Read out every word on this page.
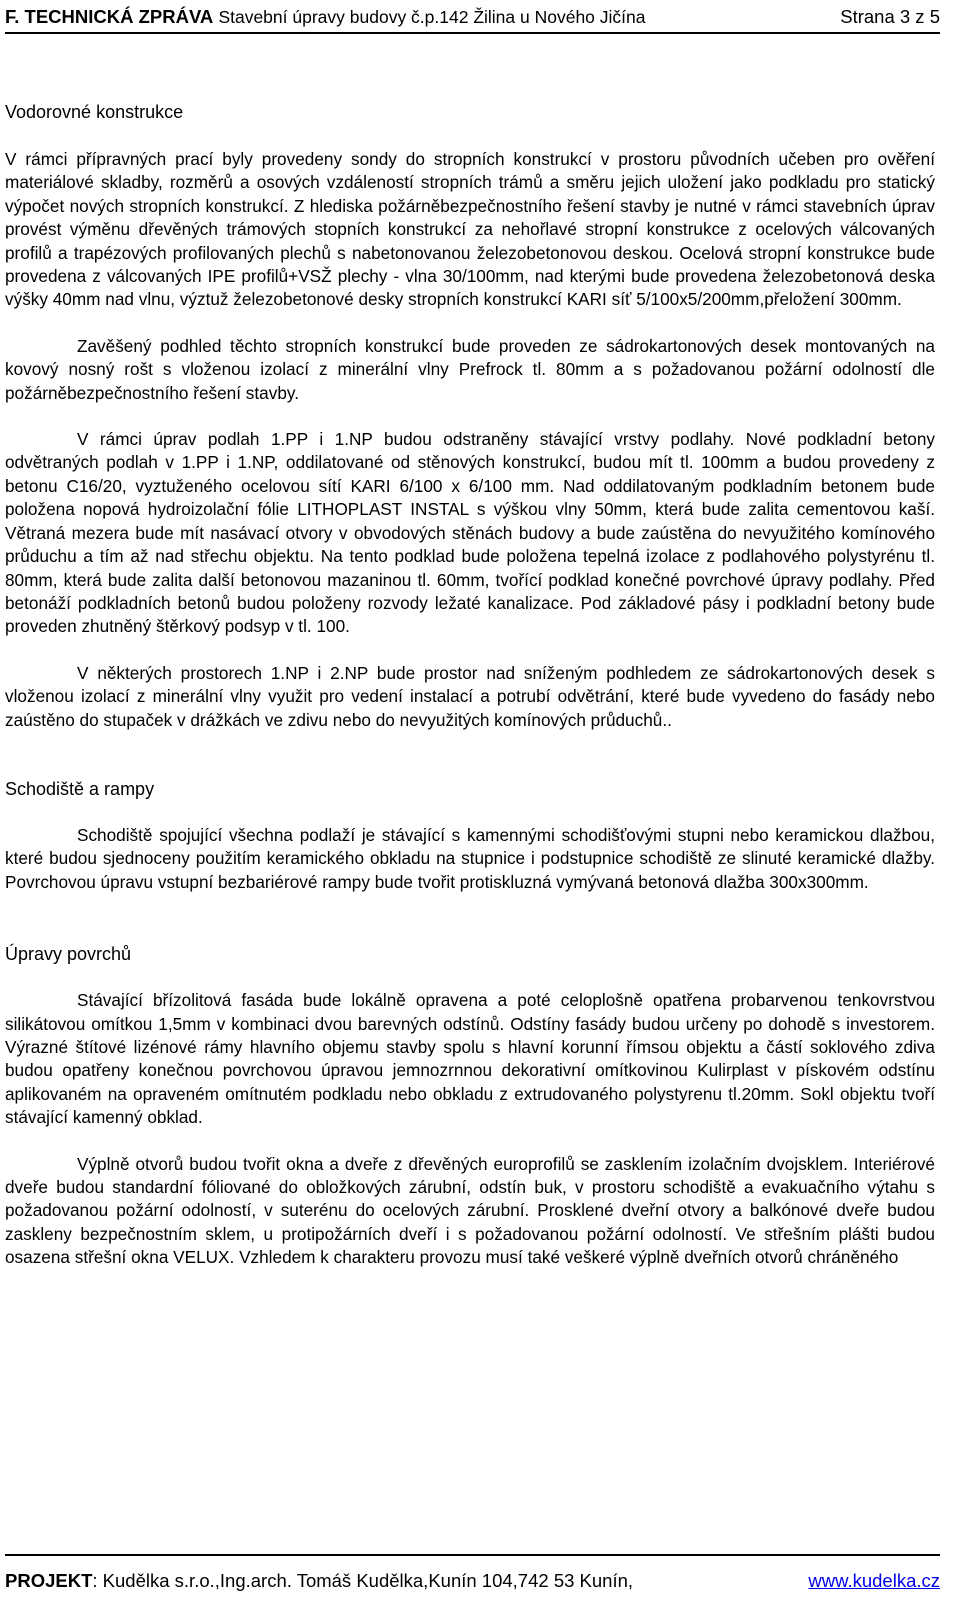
F. TECHNICKÁ ZPRÁVA Stavební úpravy budovy č.p.142 Žilina u Nového Jičína	Strana 3 z 5
Vodorovné konstrukce

V rámci přípravných prací byly provedeny sondy do stropních konstrukcí v prostoru původních učeben pro ověření materiálové skladby, rozměrů a osových vzdáleností stropních trámů a směru jejich uložení jako podkladu pro statický výpočet nových stropních konstrukcí. Z hlediska požárněbezpečnostního řešení stavby je nutné v rámci stavebních úprav provést výměnu dřevěných trámových stopních konstrukcí za nehořlavé stropní konstrukce z ocelových válcovaných profilů a trapézových profilovaných plechů s nabetonovanou železobetonovou deskou. Ocelová stropní konstrukce bude provedena z válcovaných IPE profilů+VSŽ plechy - vlna 30/100mm, nad kterými bude provedena železobetonová deska výšky 40mm nad vlnu, výztuž železobetonové desky stropních konstrukcí KARI síť 5/100x5/200mm,přeložení 300mm.

Zavěšený podhled těchto stropních konstrukcí bude proveden ze sádrokartonových desek montovaných na kovový nosný rošt s vloženou izolací z minerální vlny Prefrock tl. 80mm a s požadovanou požární odolností dle požárněbezpečnostního řešení stavby.

V rámci úprav podlah 1.PP i 1.NP budou odstraněny stávající vrstvy podlahy. Nové podkladní betony odvětraných podlah v 1.PP i 1.NP, oddilatované od stěnových konstrukcí, budou mít tl. 100mm a budou provedeny z betonu C16/20, vyztuženého ocelovou sítí KARI 6/100 x 6/100 mm. Nad oddilatovaným podkladním betonem bude položena nopová hydroizolační fólie LITHOPLAST INSTAL s výškou vlny 50mm, která bude zalita cementovou kaší. Větraná mezera bude mít nasávací otvory v obvodových stěnách budovy a bude zaústěna do nevyužitého komínového průduchu a tím až nad střechu objektu. Na tento podklad bude položena tepelná izolace z podlahového polystyrénu tl. 80mm, která bude zalita další betonovou mazaninou tl. 60mm, tvořící podklad konečné povrchové úpravy podlahy. Před betonáží podkladních betonů budou položeny rozvody ležaté kanalizace. Pod základové pásy i podkladní betony bude proveden zhutněný štěrkový podsyp v tl. 100.

V některých prostorech 1.NP i 2.NP bude prostor nad sníženým podhledem ze sádrokartonových desek s vloženou izolací z minerální vlny využit pro vedení instalací a potrubí odvětrání, které bude vyvedeno do fasády nebo zaústěno do stupaček v drážkách ve zdivu nebo do nevyužitých komínových průduchů..

Schodiště a rampy

Schodiště spojující všechna podlaží je stávající s kamennými schodišťovými stupni nebo keramickou dlažbou, které budou sjednoceny použitím keramického obkladu na stupnice i podstupnice schodiště ze slinuté keramické dlažby. Povrchovou úpravu vstupní bezbariérové rampy bude tvořit protiskluzná vymývaná betonová dlažba 300x300mm.

Úpravy povrchů

Stávající břízolitová fasáda bude lokálně opravena a poté celoplošně opatřena probarvenou tenkovrstvou silikátovou omítkou 1,5mm v kombinaci dvou barevných odstínů. Odstíny fasády budou určeny po dohodě s investorem. Výrazné štítové lizénové rámy hlavního objemu stavby spolu s hlavní korunní římsou objektu a částí soklového zdiva budou opatřeny konečnou povrchovou úpravou jemnozrnnou dekorativní omítkovinou Kulirplast v pískovém odstínu aplikovaném na opraveném omítnutém podkladu nebo obkladu z extrudovaného polystyrenu tl.20mm. Sokl objektu tvoří stávající kamenný obklad.

Výplně otvorů budou tvořit okna a dveře z dřevěných europrofilů se zasklením izolačním dvojsklem. Interiérové dveře budou standardní fóliované do obložkových zárubní, odstín buk, v prostoru schodiště a evakuačního výtahu s požadovanou požární odolností, v suterénu do ocelových zárubní. Prosklené dveřní otvory a balkónové dveře budou zaskleny bezpečnostním sklem, u protipožárních dveří i s požadovanou požární odolností. Ve střešním plášti budou osazena střešní okna VELUX. Vzhledem k charakteru provozu musí také veškeré výplně dveřních otvorů chráněného

PROJEKT: Kudělka s.r.o.,Ing.arch. Tomáš Kudělka,Kunín 104,742 53 Kunín,	www.kudelka.cz
